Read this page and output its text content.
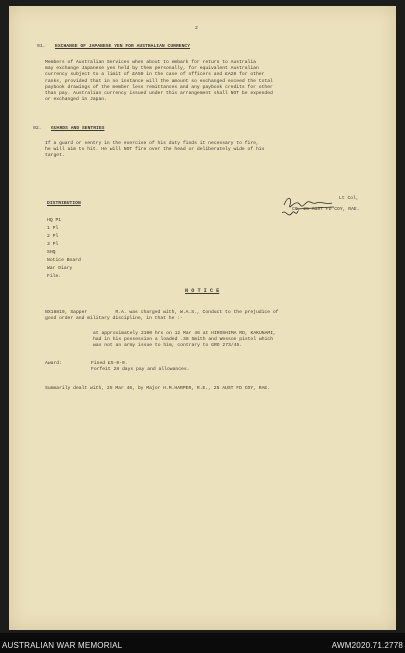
2

91. EXCHANGE OF JAPANESE YEN FOR AUSTRALIAN CURRENCY

Members of Australian Services when about to embark for return to Australia
may exchange Japanese yen held by them personally, for equivalent Australian
currency subject to a limit of £A50 in the case of officers and £A20 for other
ranks, provided that in no instance will the amount so exchanged exceed the total
paybook drawings of the member less remittances and any paybook credits for other
than pay. Australian currency issued under this arrangement shall NOT be expended
or exchanged in Japan.

92. GUARDS AND SENTRIES

If a guard or sentry in the exercise of his duty finds it necessary to fire,
he will aim to hit. He will NOT fire over the head or deliberately wide of his
target.

Lt Col,

CO, 25 AUST FD COY, RAE.

DISTRIBUTION

HQ P1

1 Pl

2 Pl

3 Pl

SHQ

Notice Board

War Diary

File.

N O T I C E

NX18819, Sapper          R.A. was charged with, W.A.S., Conduct to the prejudice of
good order and military discipline, in that he :-

at approximately 2100 hrs on 12 Mar 46 at HIROSHIMA RD, KAKUNAMI,
had in his possession a loaded .38 Smith and Wesson pistol which
was not an army issue to him, contrary to GRO 273/45.

Award:	Fined £5-0-0.
Forfeit 28 days pay and allowances.

Summarily dealt with, 25 Mar 46, by Major H.M.HARPER, R.E., 25 AUST FD COY, RAE.

AUSTRALIAN WAR MEMORIAL	AWM2020.71.2778
